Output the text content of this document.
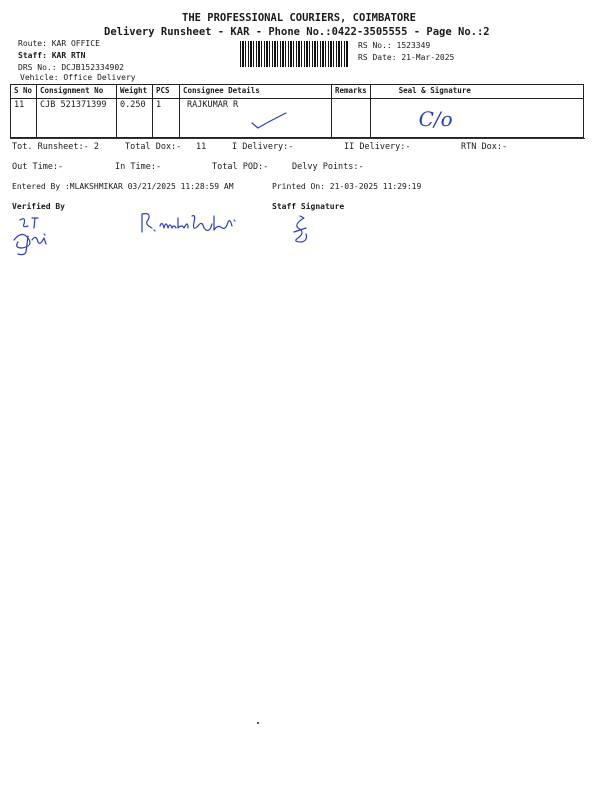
THE PROFESSIONAL COURIERS, COIMBATORE
Delivery Runsheet - KAR - Phone No.:0422-3505555 - Page No.:2
Route: KAR OFFICE
Staff: KAR RTN
DRS No.: DCJB152334902
Vehicle: Office Delivery
RS No.: 1523349
RS Date: 21-Mar-2025
S No	Consignment No	Weight	PCS	Consignee Details	Remarks	Seal & Signature
11	CJB 521371399	0.250	1	RAJKUMAR R		C/o
Tot. Runsheet:- 2	Total Dox:- 11	I Delivery:-	II Delivery:-	RTN Dox:-
Out Time:-	In Time:-	Total POD:-	Delvy Points:-
Entered By :MLAKSHMIKAR 03/21/2025 11:28:59 AM	Printed On: 21-03-2025 11:29:19
Verified By	Staff Signature
